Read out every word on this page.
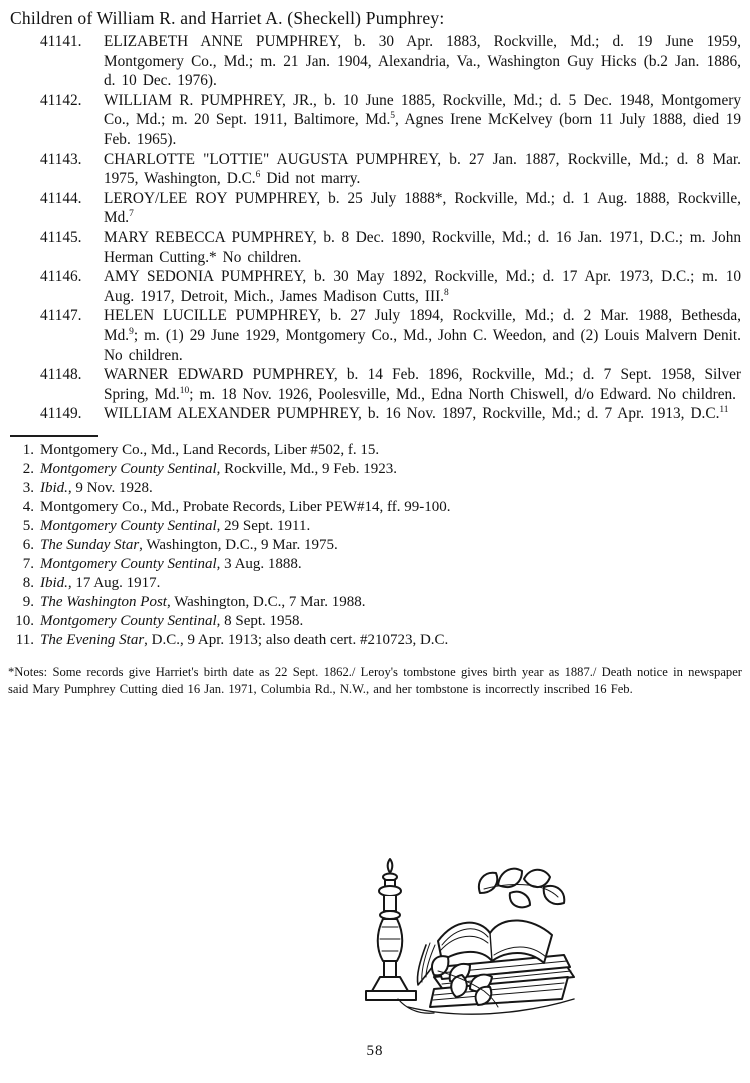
Children of William R. and Harriet A. (Sheckell) Pumphrey:
41141.	ELIZABETH ANNE PUMPHREY, b. 30 Apr. 1883, Rockville, Md.; d. 19 June 1959, Montgomery Co., Md.; m. 21 Jan. 1904, Alexandria, Va., Washington Guy Hicks (b.2 Jan. 1886, d. 10 Dec. 1976).
41142.	WILLIAM R. PUMPHREY, JR., b. 10 June 1885, Rockville, Md.; d. 5 Dec. 1948, Montgomery Co., Md.; m. 20 Sept. 1911, Baltimore, Md.$^5$, Agnes Irene McKelvey (born 11 July 1888, died 19 Feb. 1965).
41143.	CHARLOTTE "LOTTIE" AUGUSTA PUMPHREY, b. 27 Jan. 1887, Rockville, Md.; d. 8 Mar. 1975, Washington, D.C.$^6$ Did not marry.
41144.	LEROY/LEE ROY PUMPHREY, b. 25 July 1888*, Rockville, Md.; d. 1 Aug. 1888, Rockville, Md.$^7$
41145.	MARY REBECCA PUMPHREY, b. 8 Dec. 1890, Rockville, Md.; d. 16 Jan. 1971, D.C.; m. John Herman Cutting.* No children.
41146.	AMY SEDONIA PUMPHREY, b. 30 May 1892, Rockville, Md.; d. 17 Apr. 1973, D.C.; m. 10 Aug. 1917, Detroit, Mich., James Madison Cutts, III.$^8$
41147.	HELEN LUCILLE PUMPHREY, b. 27 July 1894, Rockville, Md.; d. 2 Mar. 1988, Bethesda, Md.$^9$; m. (1) 29 June 1929, Montgomery Co., Md., John C. Weedon, and (2) Louis Malvern Denit. No children.
41148.	WARNER EDWARD PUMPHREY, b. 14 Feb. 1896, Rockville, Md.; d. 7 Sept. 1958, Silver Spring, Md.$^{10}$; m. 18 Nov. 1926, Poolesville, Md., Edna North Chiswell, d/o Edward. No children.
41149.	WILLIAM ALEXANDER PUMPHREY, b. 16 Nov. 1897, Rockville, Md.; d. 7 Apr. 1913, D.C.$^{11}$
1. Montgomery Co., Md., Land Records, Liber #502, f. 15.
2. Montgomery County Sentinal, Rockville, Md., 9 Feb. 1923.
3. Ibid., 9 Nov. 1928.
4. Montgomery Co., Md., Probate Records, Liber PEW#14, ff. 99-100.
5. Montgomery County Sentinal, 29 Sept. 1911.
6. The Sunday Star, Washington, D.C., 9 Mar. 1975.
7. Montgomery County Sentinal, 3 Aug. 1888.
8. Ibid., 17 Aug. 1917.
9. The Washington Post, Washington, D.C., 7 Mar. 1988.
10. Montgomery County Sentinal, 8 Sept. 1958.
11. The Evening Star, D.C., 9 Apr. 1913; also death cert. #210723, D.C.
*Notes: Some records give Harriet's birth date as 22 Sept. 1862./ Leroy's tombstone gives birth year as 1887./ Death notice in newspaper said Mary Pumphrey Cutting died 16 Jan. 1971, Columbia Rd., N.W., and her tombstone is incorrectly inscribed 16 Feb.
58
